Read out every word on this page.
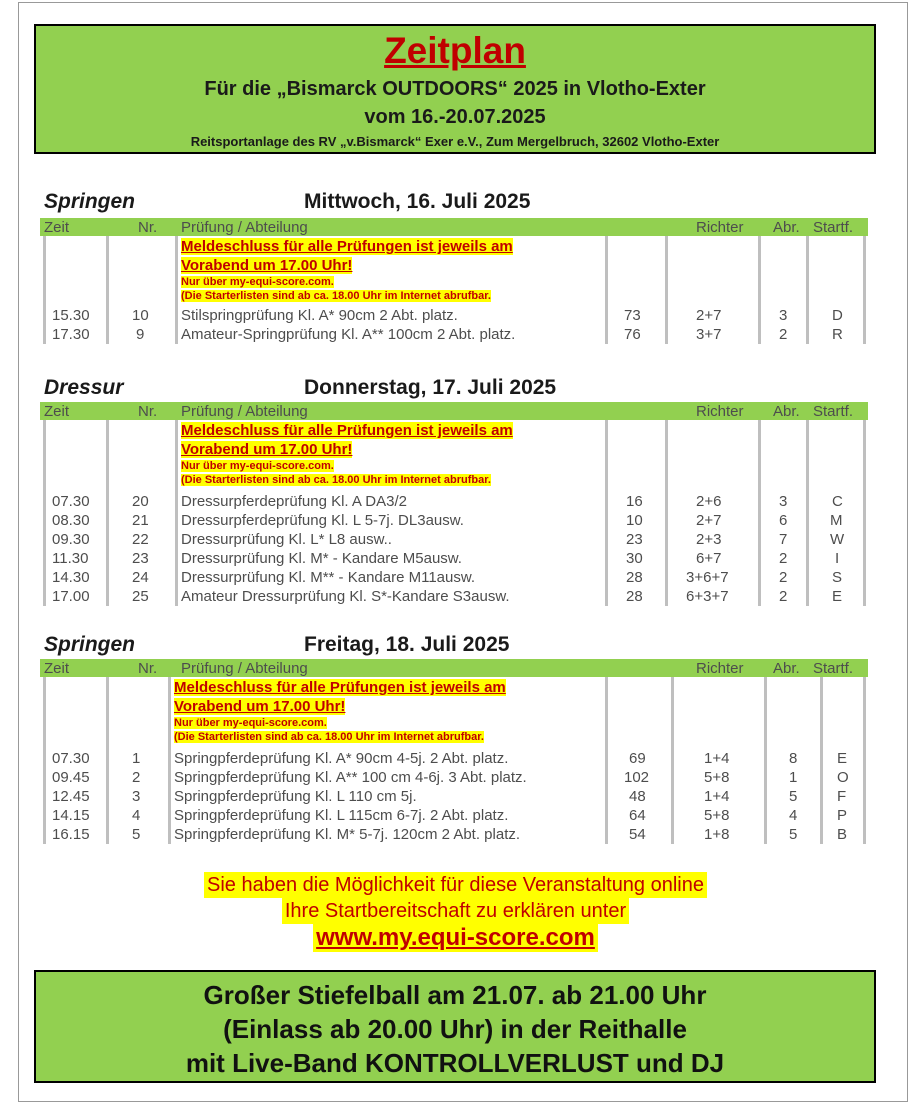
Zeitplan
Für die „Bismarck OUTDOORS“ 2025 in Vlotho-Exter
vom 16.-20.07.2025
Reitsportanlage des RV „v.Bismarck“ Exer e.V., Zum Mergelbruch, 32602 Vlotho-Exter
Springen	Mittwoch, 16. Juli 2025
Zeit	Nr. Prüfung / Abteilung	Richter Abr. Startf.
Meldeschluss für alle Prüfungen ist jeweils am
Vorabend um 17.00 Uhr!
Nur über my-equi-score.com.
(Die Starterlisten sind ab ca. 18.00 Uhr im Internet abrufbar.
15.30	10 Stilspringprüfung Kl. A* 90cm 2 Abt. platz.	73	2+7	3	D
17.30	9 Amateur-Springprüfung Kl. A** 100cm 2 Abt. platz.	76	3+7	2	R
Dressur	Donnerstag, 17. Juli 2025
Zeit	Nr. Prüfung / Abteilung	Richter Abr. Startf.
Meldeschluss für alle Prüfungen ist jeweils am
Vorabend um 17.00 Uhr!
Nur über my-equi-score.com.
(Die Starterlisten sind ab ca. 18.00 Uhr im Internet abrufbar.
07.30	20 Dressurpferdeprüfung Kl. A DA3/2	16	2+6	3	C
08.30	21 Dressurpferdeprüfung Kl. L 5-7j. DL3ausw.	10	2+7	6	M
09.30	22 Dressurprüfung Kl. L* L8 ausw..	23	2+3	7	W
11.30	23 Dressurprüfung Kl. M* - Kandare M5ausw.	30	6+7	2	I
14.30	24 Dressurprüfung Kl. M** - Kandare M11ausw.	28	3+6+7	2	S
17.00	25 Amateur Dressurprüfung Kl. S*-Kandare S3ausw.	28	6+3+7	2	E
Springen	Freitag, 18. Juli 2025
Zeit	Nr. Prüfung / Abteilung	Richter Abr. Startf.
Meldeschluss für alle Prüfungen ist jeweils am
Vorabend um 17.00 Uhr!
Nur über my-equi-score.com.
(Die Starterlisten sind ab ca. 18.00 Uhr im Internet abrufbar.
07.30	1 Springpferdeprüfung Kl. A* 90cm 4-5j. 2 Abt. platz.	69	1+4	8	E
09.45	2 Springpferdeprüfung Kl. A** 100 cm 4-6j. 3 Abt. platz.	102	5+8	1	O
12.45	3 Springpferdeprüfung Kl. L 110 cm 5j.	48	1+4	5	F
14.15	4 Springpferdeprüfung Kl. L 115cm 6-7j. 2 Abt. platz.	64	5+8	4	P
16.15	5 Springpferdeprüfung Kl. M* 5-7j. 120cm 2 Abt. platz.	54	1+8	5	B
Sie haben die Möglichkeit für diese Veranstaltung online
Ihre Startbereitschaft zu erklären unter
www.my.equi-score.com
Großer Stiefelball am 21.07. ab 21.00 Uhr
(Einlass ab 20.00 Uhr) in der Reithalle
mit Live-Band KONTROLLVERLUST und DJ
